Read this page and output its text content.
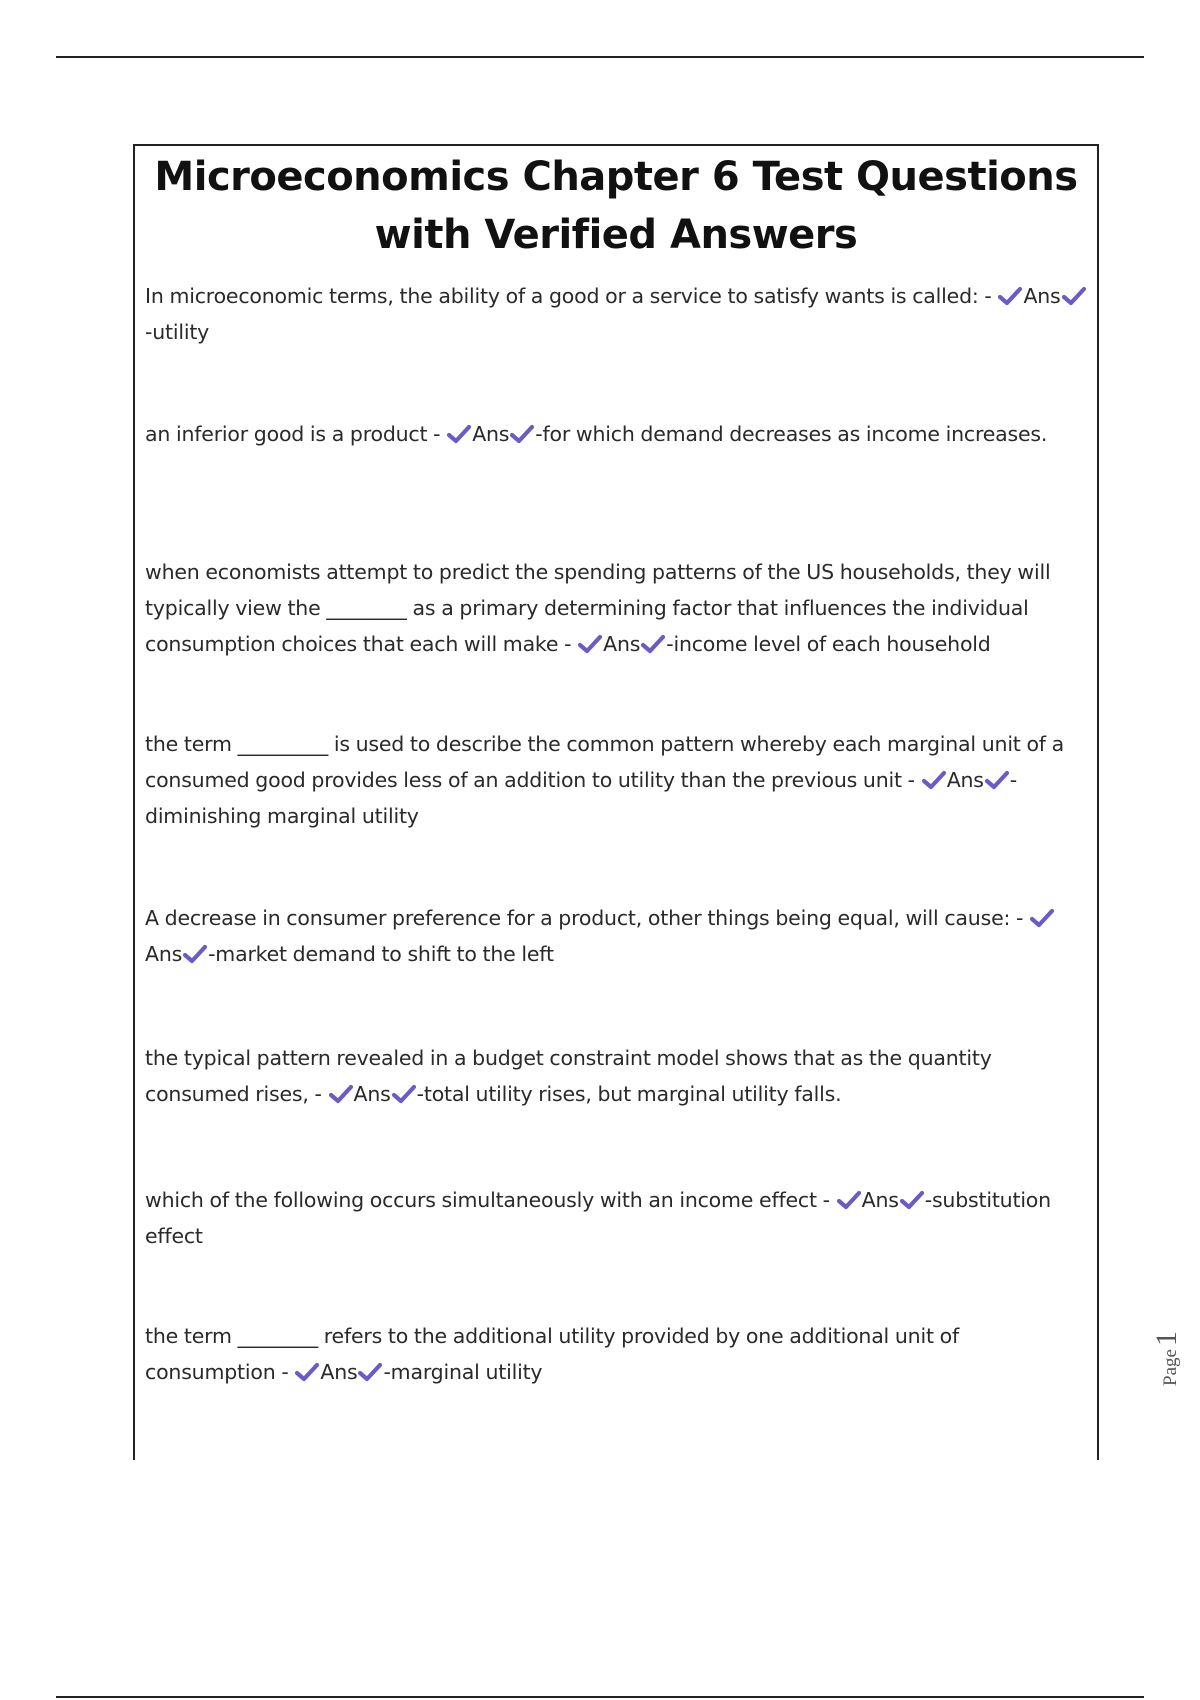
Microeconomics Chapter 6 Test Questions with Verified Answers
In microeconomic terms, the ability of a good or a service to satisfy wants is called: - Ans
-utility
an inferior good is a product - Ans -for which demand decreases as income increases.
when economists attempt to predict the spending patterns of the US households, they will typically view the ________ as a primary determining factor that influences the individual consumption choices that each will make - Ans -income level of each household
the term _________ is used to describe the common pattern whereby each marginal unit of a consumed good provides less of an addition to utility than the previous unit - Ans -diminishing marginal utility
A decrease in consumer preference for a product, other things being equal, will cause: -
Ans -market demand to shift to the left
the typical pattern revealed in a budget constraint model shows that as the quantity consumed rises, - Ans -total utility rises, but marginal utility falls.
which of the following occurs simultaneously with an income effect - Ans -substitution effect
the term ________ refers to the additional utility provided by one additional unit of consumption - Ans -marginal utility	Page1
